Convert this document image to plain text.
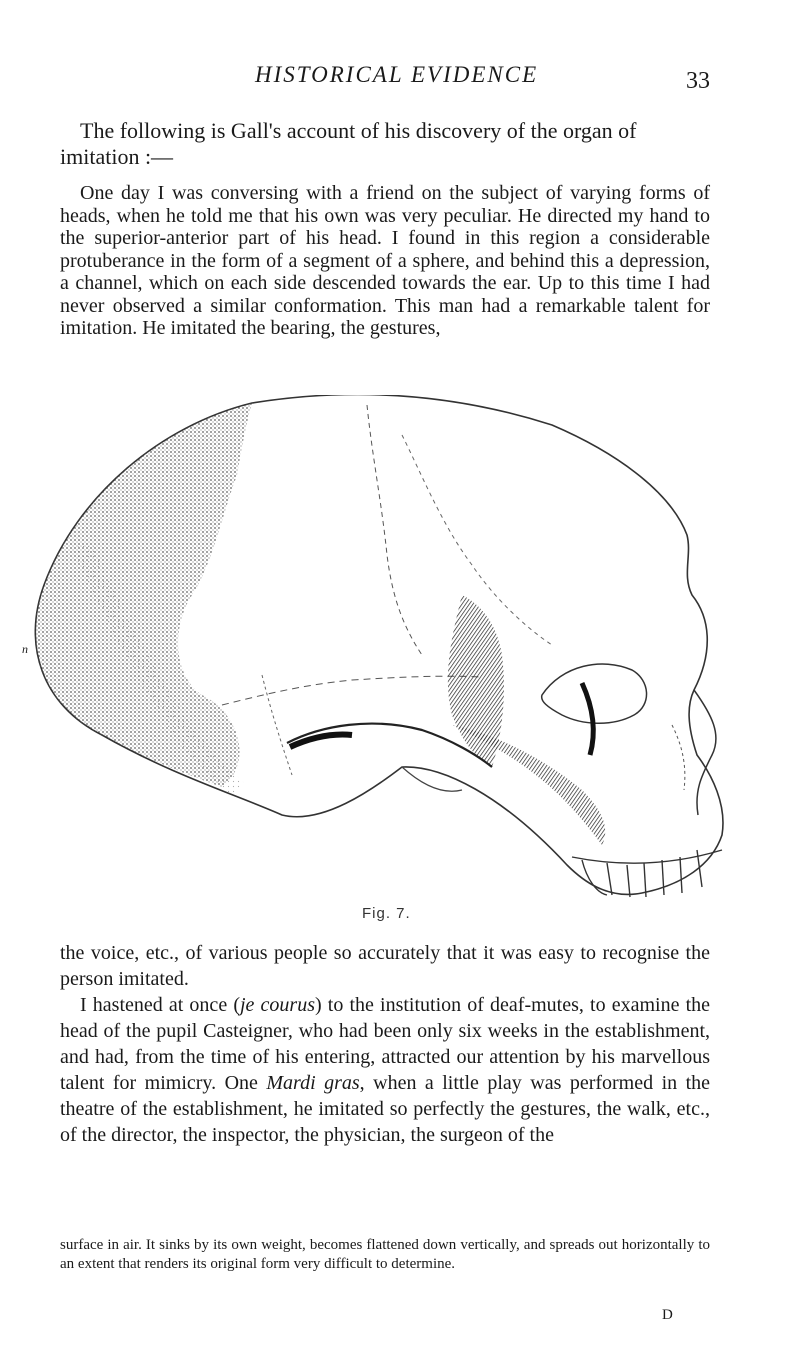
HISTORICAL EVIDENCE	33
The following is Gall's account of his discovery of the organ of imitation :—
One day I was conversing with a friend on the subject of varying forms of heads, when he told me that his own was very peculiar. He directed my hand to the superior-anterior part of his head. I found in this region a considerable protuberance in the form of a segment of a sphere, and behind this a depression, a channel, which on each side descended towards the ear. Up to this time I had never observed a similar conformation. This man had a remarkable talent for imitation. He imitated the bearing, the gestures,
n
Fig. 7.

the voice, etc., of various people so accurately that it was easy to recognise the person imitated.

I hastened at once (je courus) to the institution of deaf-mutes, to examine the head of the pupil Casteigner, who had been only six weeks in the establishment, and had, from the time of his entering, attracted our attention by his marvellous talent for mimicry. One Mardi gras, when a little play was performed in the theatre of the establishment, he imitated so perfectly the gestures, the walk, etc., of the director, the inspector, the physician, the surgeon of the

surface in air. It sinks by its own weight, becomes flattened down vertically, and spreads out horizontally to an extent that renders its original form very difficult to determine.
D
